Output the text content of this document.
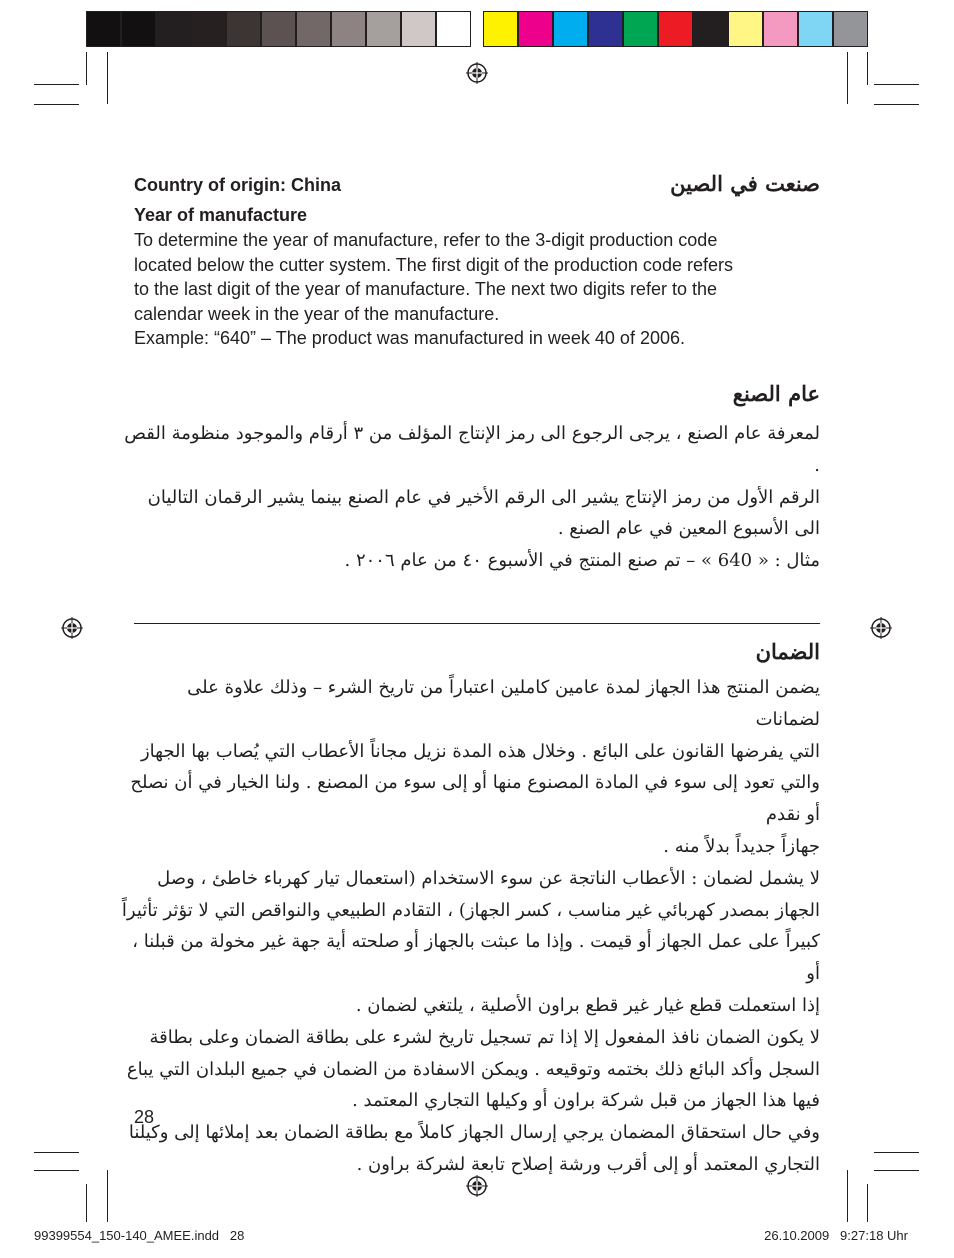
Country of origin: China	صنعت في الصين
Year of manufacture
To determine the year of manufacture, refer to the 3-digit production code
located below the cutter system. The first digit of the production code refers
to the last digit of the year of manufacture. The next two digits refer to the
calendar week in the year of the manufacture.
Example: “640” – The product was manufactured in week 40 of 2006.
عام الصنع

لمعرفة عام الصنع ، يرجى الرجوع الى رمز الإنتاج المؤلف من ٣ أرقام والموجود منظومة القص .

الرقم الأول من رمز الإنتاج يشير الى الرقم الأخير في عام الصنع بينما يشير الرقمان التاليان

الى الأسبوع المعين في عام الصنع .

مثال : « 640 » – تم صنع المنتج في الأسبوع ٤٠ من عام ٢٠٠٦ .

الضمان

يضمن المنتج هذا الجهاز لمدة عامين كاملين اعتباراً من تاريخ الشرء – وذلك علاوة على لضمانات

التي يفرضها القانون على البائع . وخلال هذه المدة نزيل مجاناً الأعطاب التي يُصاب بها الجهاز

والتي تعود إلى سوء في المادة المصنوع منها أو إلى سوء من المصنع . ولنا الخيار في أن نصلح أو نقدم

جهازاً جديداً بدلاً منه .

لا يشمل لضمان : الأعطاب الناتجة عن سوء الاستخدام (استعمال تيار كهرباء خاطئ ، وصل

الجهاز بمصدر كهربائي غير مناسب ، كسر الجهاز) ، التقادم الطبيعي والنواقص التي لا تؤثر تأثيراً

كبيراً على عمل الجهاز أو قيمت . وإذا ما عبثت بالجهاز أو صلحته أية جهة غير مخولة من قبلنا ، أو

إذا استعملت قطع غيار غير قطع براون الأصلية ، يلتغي لضمان .

لا يكون الضمان نافذ المفعول إلا إذا تم تسجيل تاريخ لشرء على بطاقة الضمان وعلى بطاقة

السجل وأكد البائع ذلك بختمه وتوقيعه . ويمكن الاسفادة من الضمان في جميع البلدان التي يباع

فيها هذا الجهاز من قبل شركة براون أو وكيلها التجاري المعتمد .

وفي حال استحقاق المضمان يرجي إرسال الجهاز كاملاً مع بطاقة الضمان بعد إملائها إلى وكيلنا

التجاري المعتمد أو إلى أقرب ورشة إصلاح تابعة لشركة براون .

28
99399554_150-140_AMEE.indd   28	26.10.2009   9:27:18 Uhr
